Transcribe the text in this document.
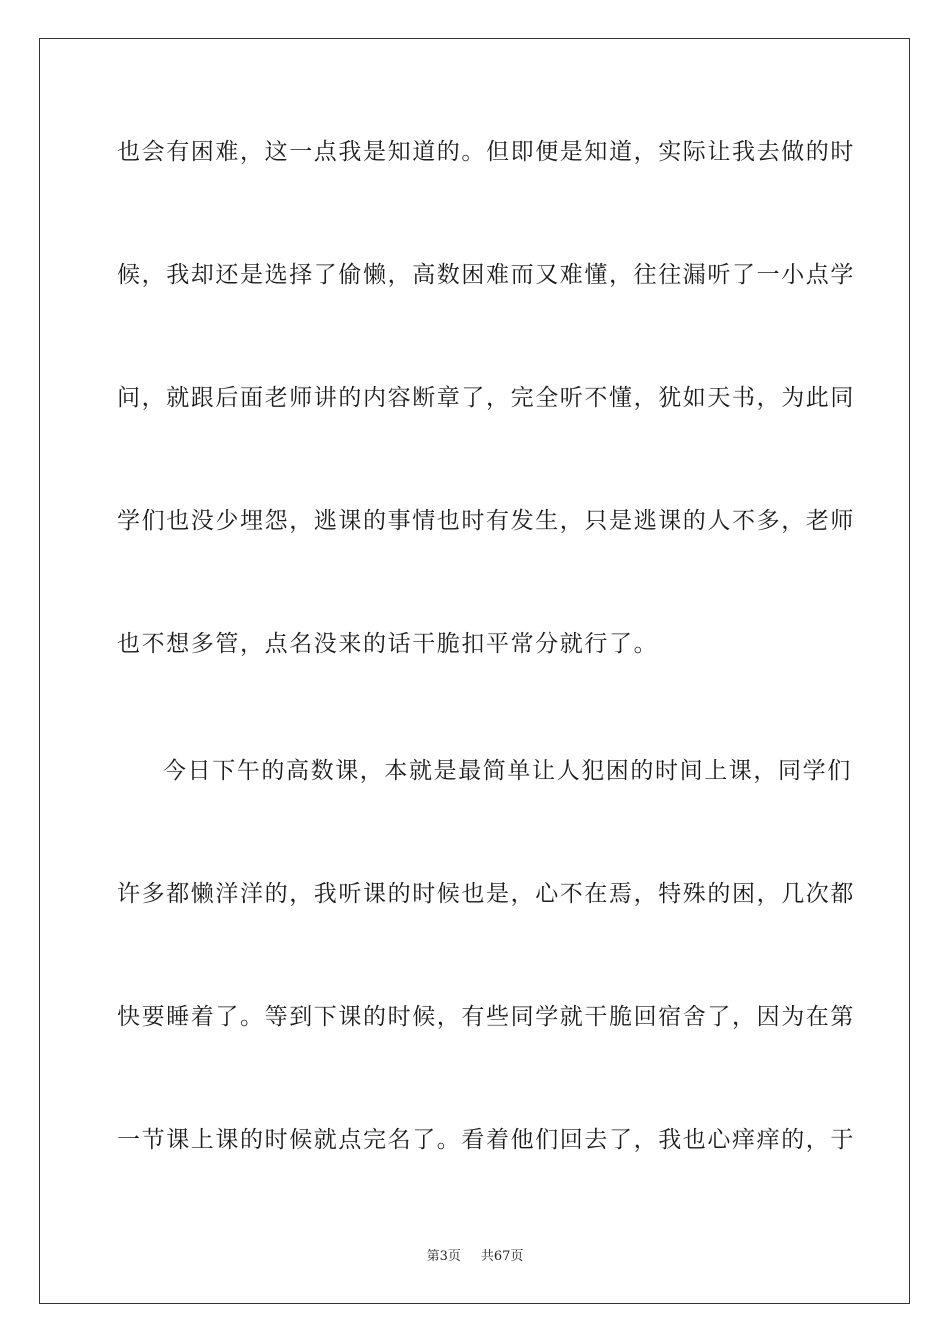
也会有困难，这一点我是知道的。但即便是知道，实际让我去做的时
候，我却还是选择了偷懒，高数困难而又难懂，往往漏听了一小点学
问，就跟后面老师讲的内容断章了，完全听不懂，犹如天书，为此同
学们也没少埋怨，逃课的事情也时有发生，只是逃课的人不多，老师
也不想多管，点名没来的话干脆扣平常分就行了。
今日下午的高数课，本就是最简单让人犯困的时间上课，同学们
许多都懒洋洋的，我听课的时候也是，心不在焉，特殊的困，几次都
快要睡着了。等到下课的时候，有些同学就干脆回宿舍了，因为在第
一节课上课的时候就点完名了。看着他们回去了，我也心痒痒的，于
第3页 共67页
